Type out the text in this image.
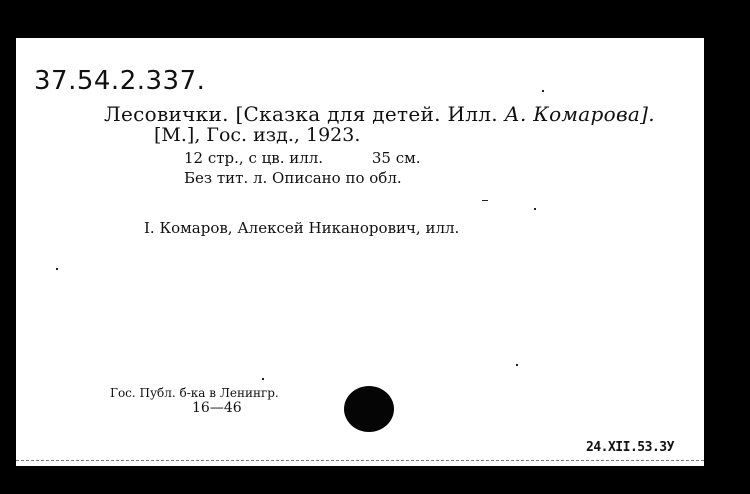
37.54.2.337.
Лесовички. [Сказка для детей. Илл. А. Комарова].
[М.], Гос. изд., 1923.
12 стр., с цв. илл.	35 см.
Без тит. л. Описано по обл.
I. Комаров, Алексей Никанорович, илл.
Гос. Публ. б-ка в Ленингр.
16—46
24.XII.53.ЗУ
